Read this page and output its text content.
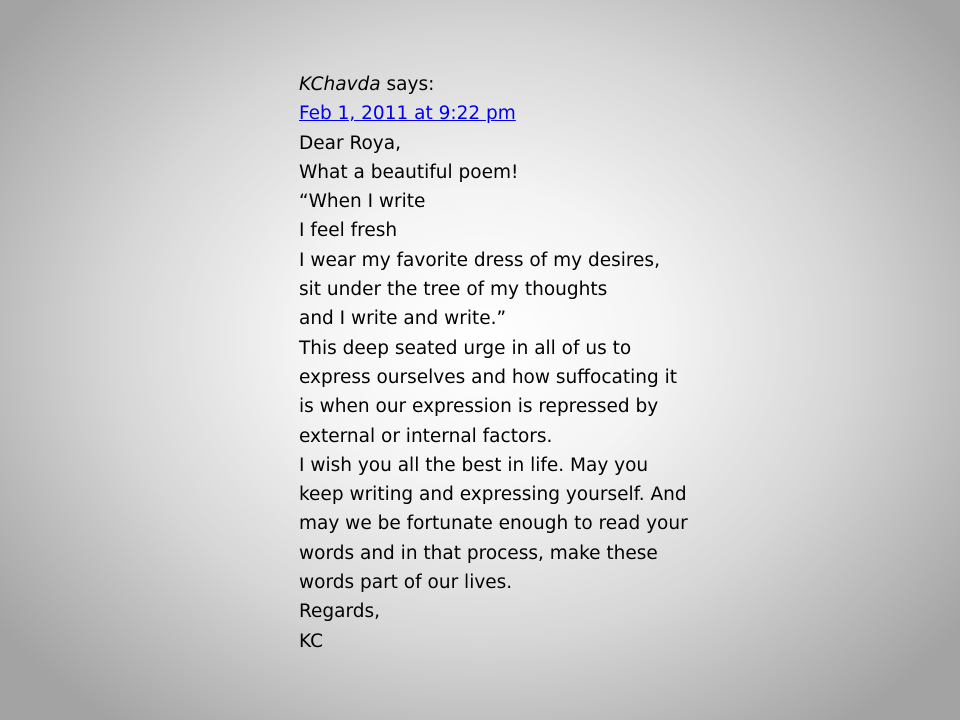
KChavda says:
Feb 1, 2011 at 9:22 pm
Dear Roya,
What a beautiful poem!
“When I write
I feel fresh
I wear my favorite dress of my desires,
sit under the tree of my thoughts
and I write and write.”
This deep seated urge in all of us to
express ourselves and how suffocating it
is when our expression is repressed by
external or internal factors.
I wish you all the best in life. May you
keep writing and expressing yourself. And
may we be fortunate enough to read your
words and in that process, make these
words part of our lives.
Regards,
KC
